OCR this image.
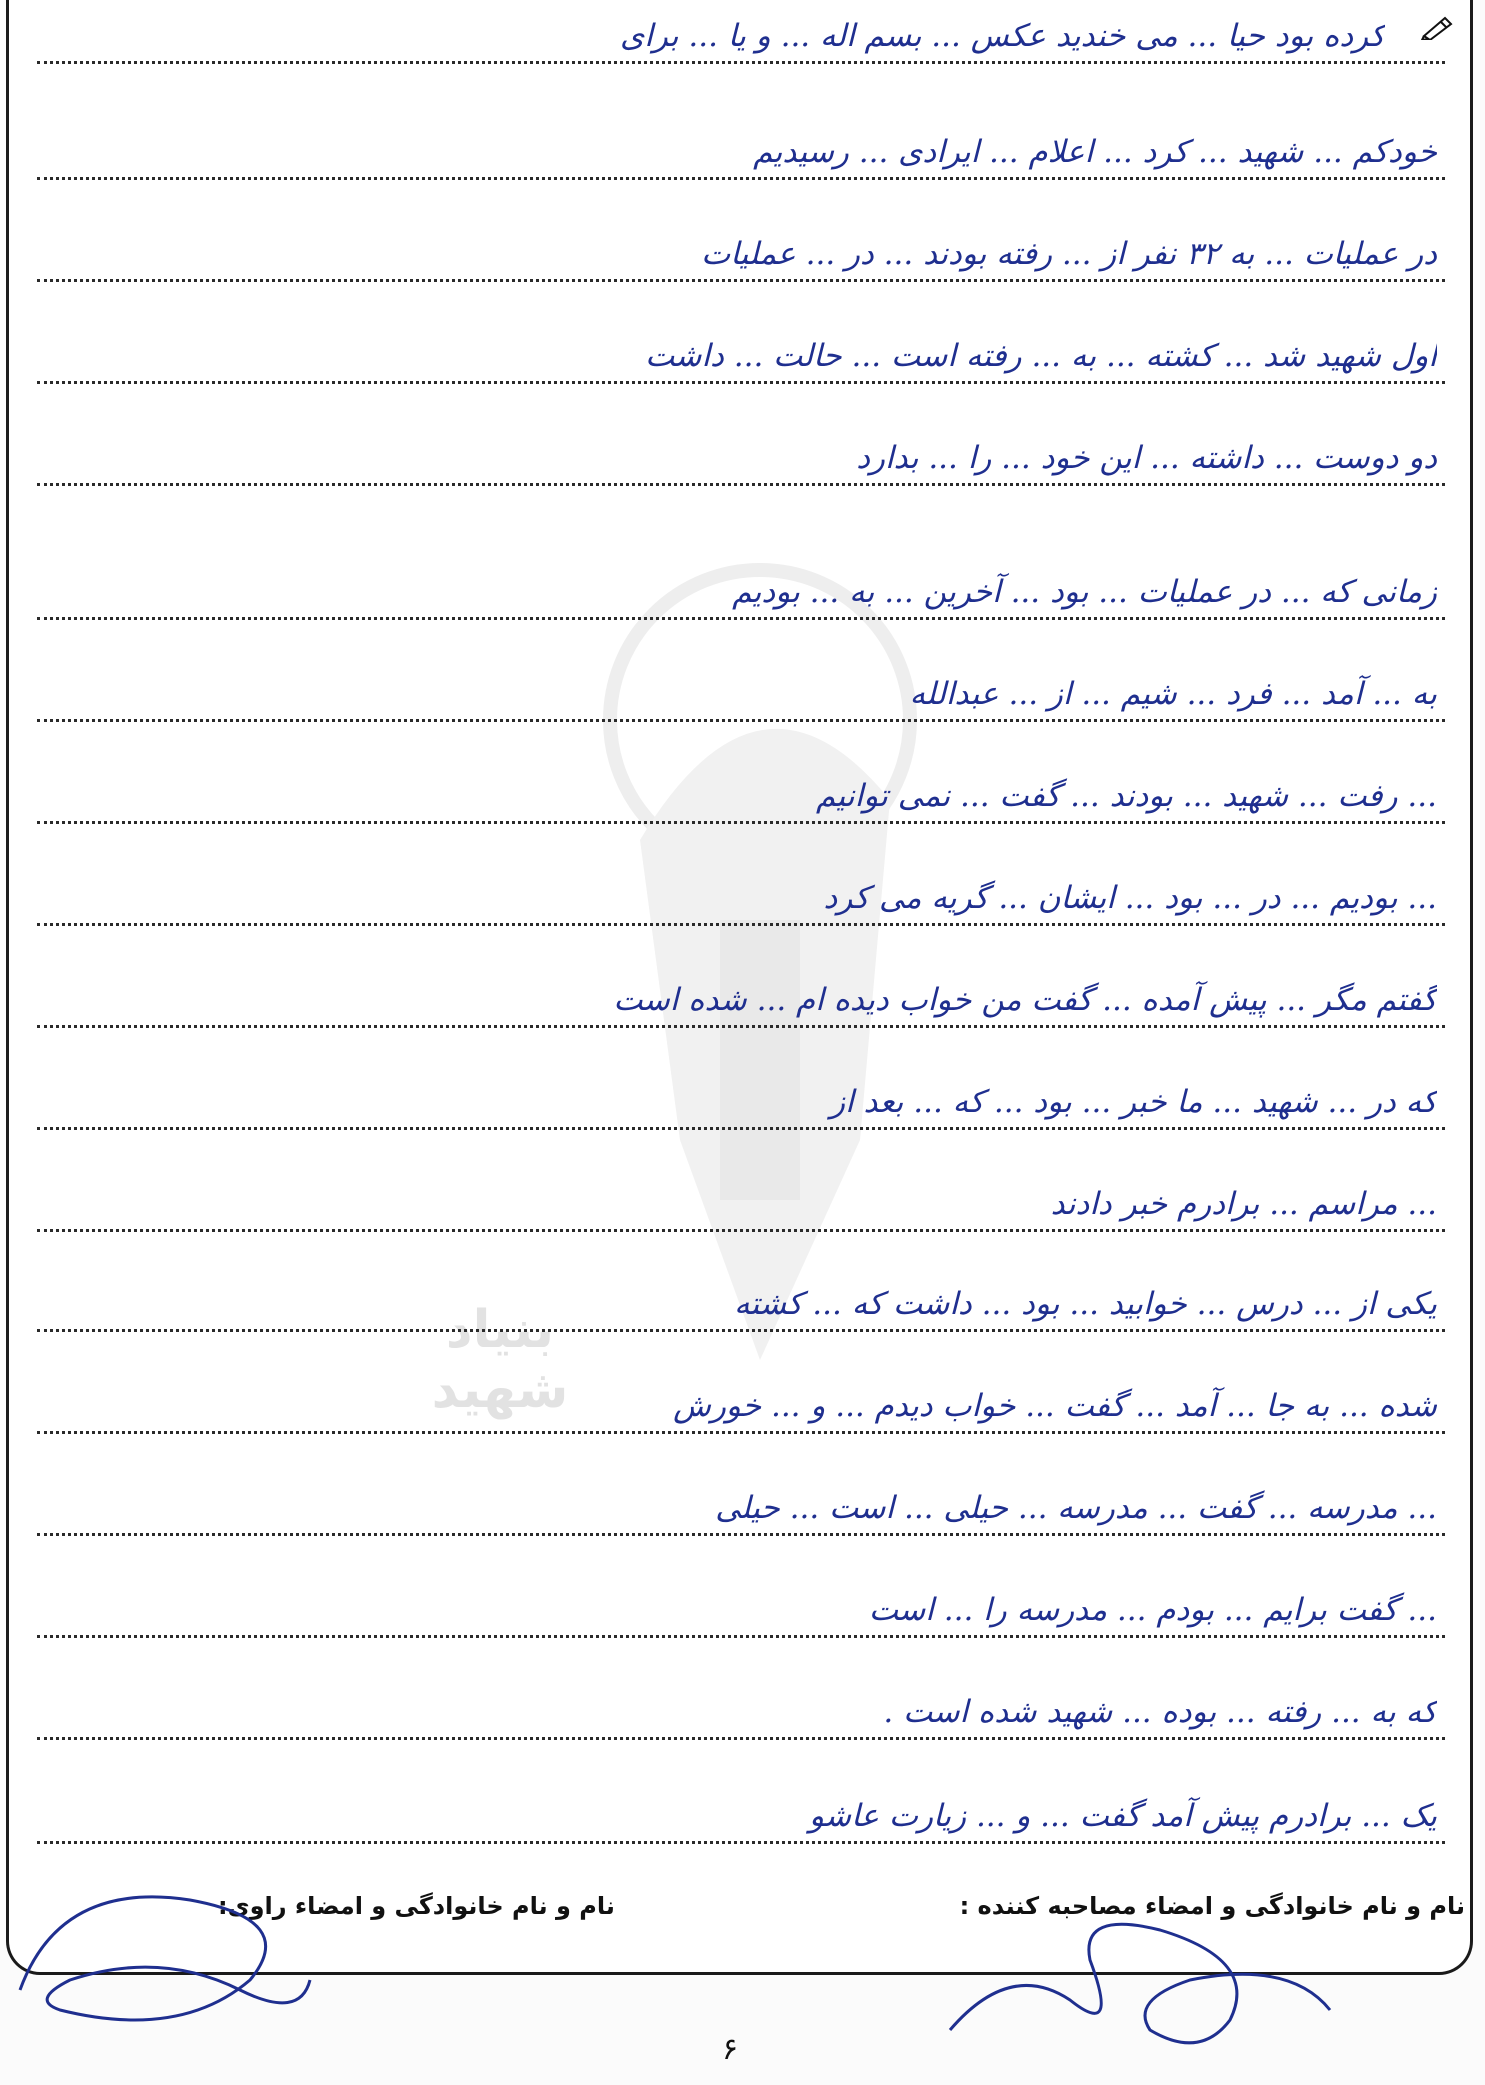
بنیاد شهید
کرده بود حیا ... می خندید عکس ... بسم اله ... و یا ... برای
خودکم ... شهید ... کرد ... اعلام ... ایرادی ... رسیدیم
در عملیات ... به ۳۲ نفر از ... رفته بودند ... در ... عملیات
اول شهید شد ... کشته ... به ... رفته است ... حالت ... داشت
دو دوست ... داشته ... این خود ... را ... بدارد
زمانی که ... در عملیات ... بود ... آخرین ... به ... بودیم
به ... آمد ... فرد ... شیم ... از ... عبدالله
... رفت ... شهید ... بودند ... گفت ... نمی توانیم
... بودیم ... در ... بود ... ایشان ... گریه می کرد
گفتم مگر ... پیش آمده ... گفت من خواب دیده ام ... شده است
که در ... شهید ... ما خبر ... بود ... که ... بعد از
... مراسم ... برادرم خبر دادند
یکی از ... درس ... خوابید ... بود ... داشت که ... کشته
شده ... به جا ... آمد ... گفت ... خواب دیدم ... و ... خورش
... مدرسه ... گفت ... مدرسه ... حیلی ... است ... حیلی
... گفت برایم ... بودم ... مدرسه را ... است
که به ... رفته ... بوده ... شهید شده است .
یک ... برادرم پیش آمد گفت ... و ... زیارت عاشو
نام و نام خانوادگی و امضاء مصاحبه کننده :
نام و نام خانوادگی و امضاء راوی:
۶
